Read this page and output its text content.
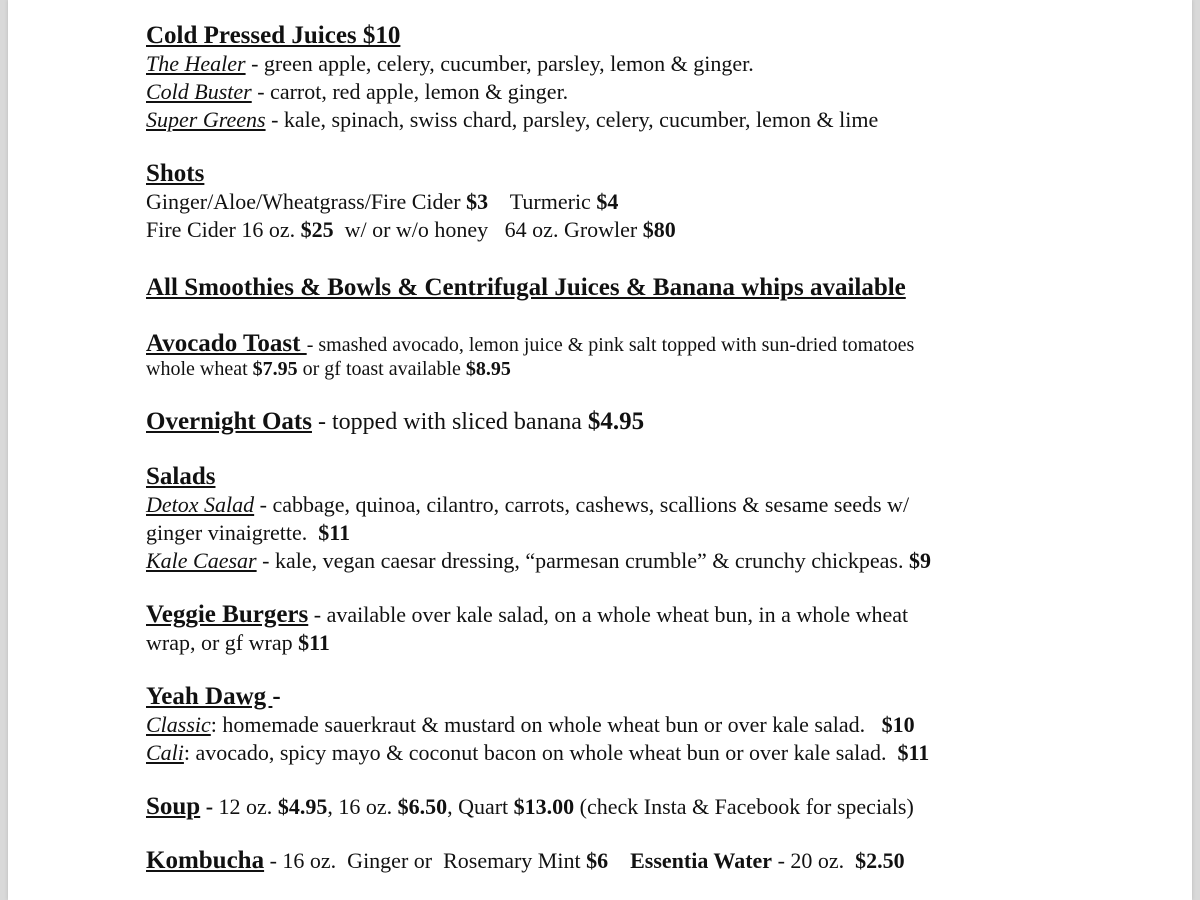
Cold Pressed Juices $10
The Healer - green apple, celery, cucumber, parsley, lemon & ginger.
Cold Buster - carrot, red apple, lemon & ginger.
Super Greens - kale, spinach, swiss chard, parsley, celery, cucumber, lemon & lime
Shots
Ginger/Aloe/Wheatgrass/Fire Cider $3    Turmeric $4
Fire Cider 16 oz. $25  w/ or w/o honey   64 oz. Growler $80
All Smoothies & Bowls & Centrifugal Juices & Banana whips available
Avocado Toast - smashed avocado, lemon juice & pink salt topped with sun-dried tomatoes
whole wheat $7.95 or gf toast available $8.95
Overnight Oats - topped with sliced banana $4.95
Salads
Detox Salad - cabbage, quinoa, cilantro, carrots, cashews, scallions & sesame seeds w/
ginger vinaigrette.  $11
Kale Caesar - kale, vegan caesar dressing, “parmesan crumble” & crunchy chickpeas. $9
Veggie Burgers - available over kale salad, on a whole wheat bun, in a whole wheat
wrap, or gf wrap $11
Yeah Dawg -
Classic: homemade sauerkraut & mustard on whole wheat bun or over kale salad.   $10
Cali: avocado, spicy mayo & coconut bacon on whole wheat bun or over kale salad.  $11
Soup - 12 oz. $4.95, 16 oz. $6.50, Quart $13.00 (check Insta & Facebook for specials)
Kombucha - 16 oz.  Ginger or  Rosemary Mint $6    Essentia Water - 20 oz.  $2.50
